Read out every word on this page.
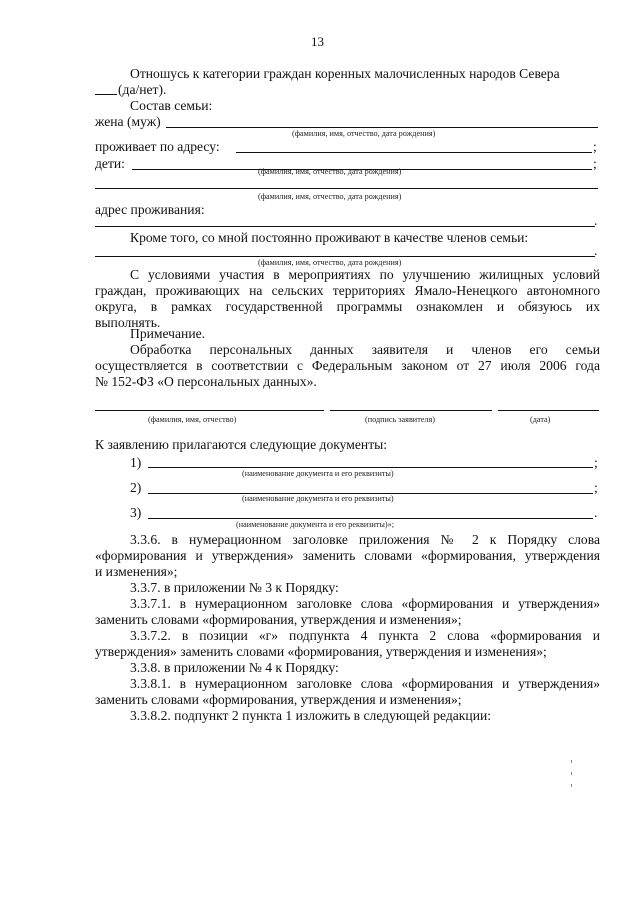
13
Отношусь к категории граждан коренных малочисленных народов Севера
(да/нет).
Состав семьи:
жена (муж)
(фамилия, имя, отчество, дата рождения)
проживает по адресу:	;
дети:	;
(фамилия, имя, отчество, дата рождения)
(фамилия, имя, отчество, дата рождения)
адрес проживания:
.
Кроме того, со мной постоянно проживают в качестве членов семьи:
.
(фамилия, имя, отчество, дата рождения)
С условиями участия в мероприятиях по улучшению жилищных условий
граждан, проживающих на сельских территориях Ямало-Ненецкого автономного
округа, в рамках государственной программы ознакомлен и обязуюсь их
выполнять.
Примечание.
Обработка персональных данных заявителя и членов его семьи
осуществляется в соответствии с Федеральным законом от 27 июля 2006 года
№ 152-ФЗ «О персональных данных».
(фамилия, имя, отчество)	(подпись заявителя)	(дата)
К заявлению прилагаются следующие документы:
1)	;
(наименование документа и его реквизиты)
2)	;
(наименование документа и его реквизиты)
3)	.
(наименование документа и его реквизиты)»;
3.3.6. в нумерационном заголовке приложения № 2 к Порядку слова
«формирования и утверждения» заменить словами «формирования, утверждения
и изменения»;
3.3.7. в приложении № 3 к Порядку:
3.3.7.1. в нумерационном заголовке слова «формирования и утверждения»
заменить словами «формирования, утверждения и изменения»;
3.3.7.2. в позиции «г» подпункта 4 пункта 2 слова «формирования и
утверждения» заменить словами «формирования, утверждения и изменения»;
3.3.8. в приложении № 4 к Порядку:
3.3.8.1. в нумерационном заголовке слова «формирования и утверждения»
заменить словами «формирования, утверждения и изменения»;
3.3.8.2. подпункт 2 пункта 1 изложить в следующей редакции:
